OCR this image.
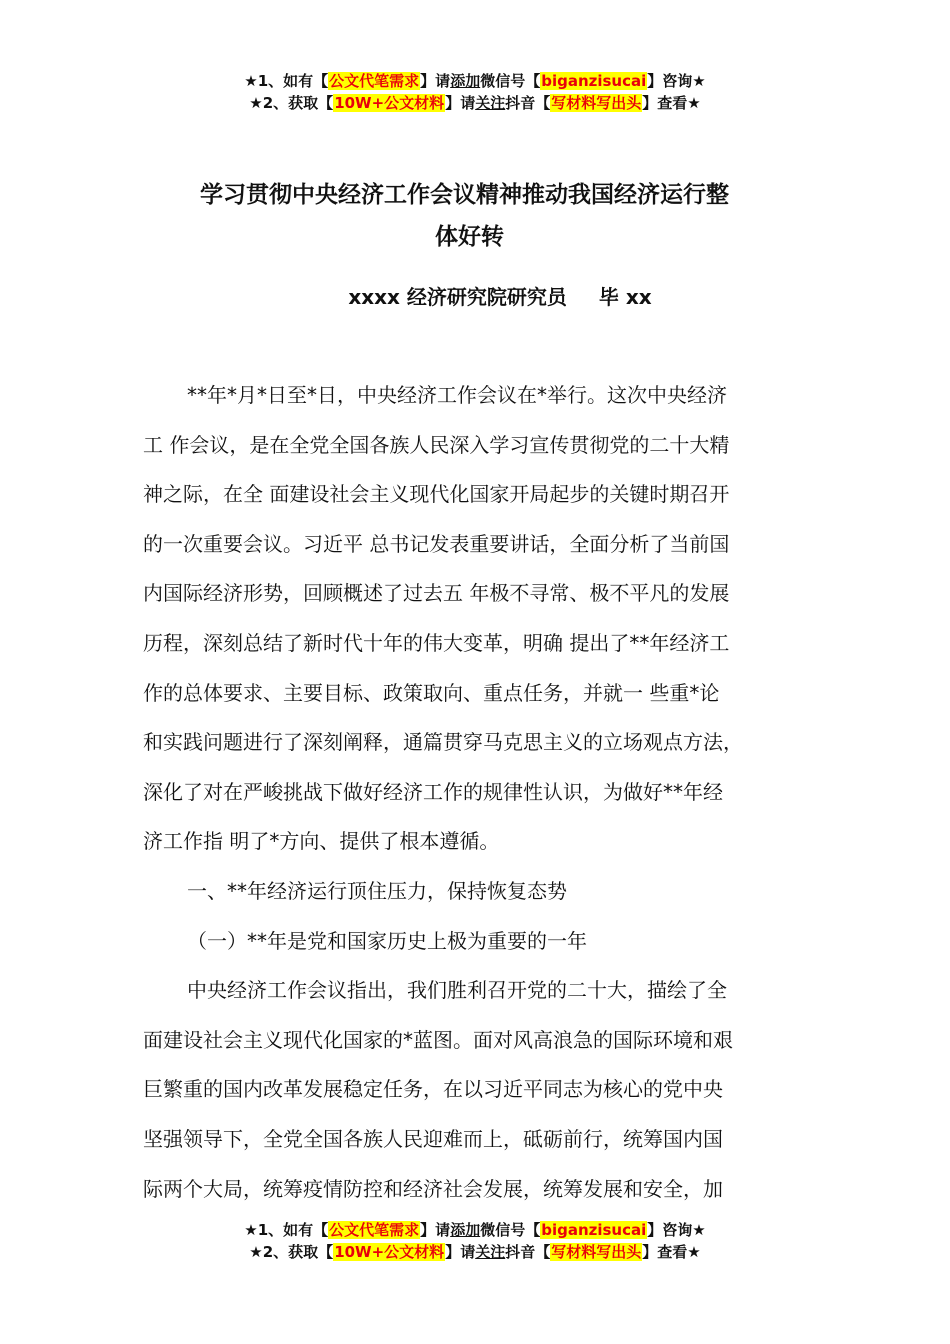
★1、如有【公文代笔需求】请添加微信号【biganzisucai】咨询★
★2、获取【10W+公文材料】请关注抖音【写材料写出头】查看★
学习贯彻中央经济工作会议精神推动我国经济运行整
体好转
xxxx 经济研究院研究员 毕 xx

**年*月*日至*日，中央经济工作会议在*举行。这次中央经济

工 作会议，是在全党全国各族人民深入学习宣传贯彻党的二十大精

神之际，在全 面建设社会主义现代化国家开局起步的关键时期召开

的一次重要会议。习近平 总书记发表重要讲话，全面分析了当前国

内国际经济形势，回顾概述了过去五 年极不寻常、极不平凡的发展

历程，深刻总结了新时代十年的伟大变革，明确 提出了**年经济工

作的总体要求、主要目标、政策取向、重点任务，并就一 些重*论

和实践问题进行了深刻阐释，通篇贯穿马克思主义的立场观点方法，

深化了对在严峻挑战下做好经济工作的规律性认识，为做好**年经

济工作指 明了*方向、提供了根本遵循。

一、**年经济运行顶住压力，保持恢复态势

（一）**年是党和国家历史上极为重要的一年

中央经济工作会议指出，我们胜利召开党的二十大，描绘了全

面建设社会主义现代化国家的*蓝图。面对风高浪急的国际环境和艰

巨繁重的国内改革发展稳定任务，在以习近平同志为核心的党中央

坚强领导下，全党全国各族人民迎难而上，砥砺前行，统筹国内国

际两个大局，统筹疫情防控和经济社会发展，统筹发展和安全，加

★1、如有【公文代笔需求】请添加微信号【biganzisucai】咨询★
★2、获取【10W+公文材料】请关注抖音【写材料写出头】查看★
